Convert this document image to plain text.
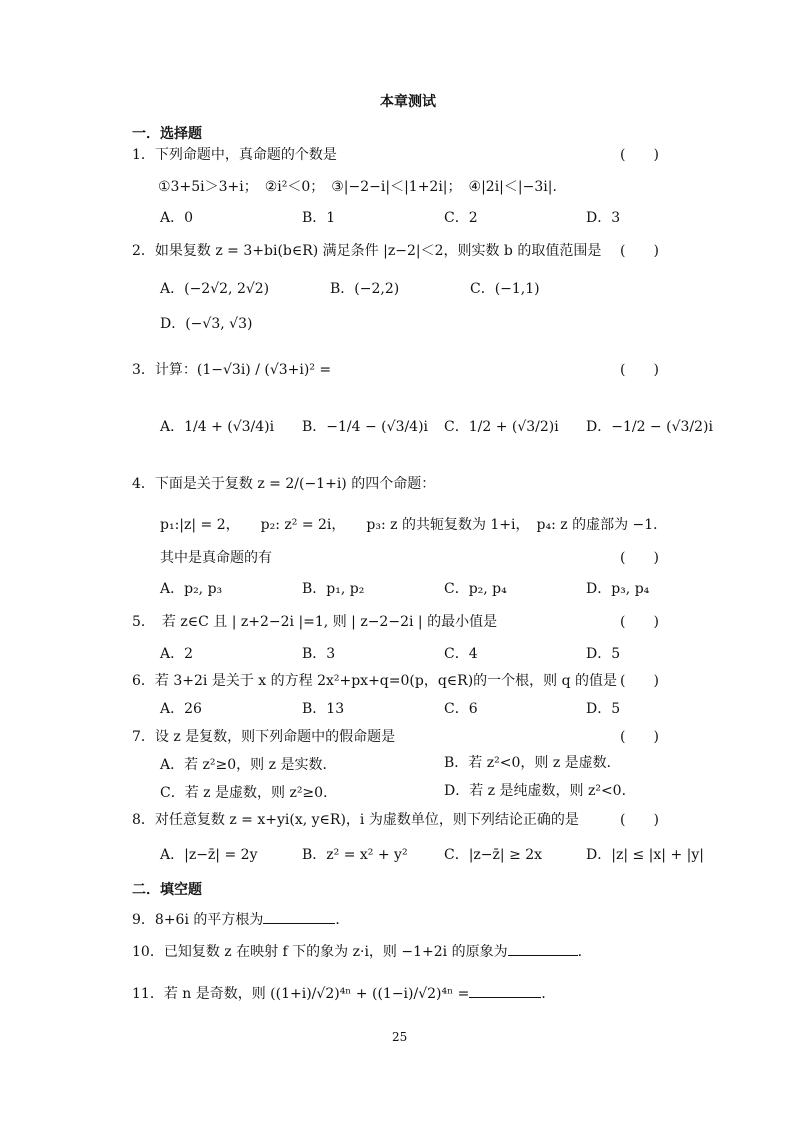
本章测试
一．选择题
1．下列命题中，真命题的个数是	(　　)
①3+5i＞3+i；　②i²＜0；　③|−2−i|＜|1+2i|；　④|2i|＜|−3i|．
A．0	B．1	C．2	D．3
2．如果复数 z = 3+bi(b∈R) 满足条件 |z−2|＜2，则实数 b 的取值范围是 (　　)
A．(−2√2, 2√2)	B．(−2,2)	C．(−1,1)
D．(−√3, √3)
3．计算：(1−√3i) / (√3+i)² =	(　　)
A．1/4 + (√3/4)i B．−1/4 − (√3/4)i C．1/2 + (√3/2)i D．−1/2 − (√3/2)i
4．下面是关于复数 z = 2/(−1+i) 的四个命题：
p₁:|z| = 2，　　p₂: z² = 2i，　　p₃: z 的共轭复数为 1+i，　p₄: z 的虚部为 −1．
其中是真命题的有	(　　)
A．p₂, p₃	B．p₁, p₂	C．p₂, p₄	D．p₃, p₄
5．　若 z∈C 且 | z+2−2i |=1, 则 | z−2−2i | 的最小值是	(　　)
A．2	B．3	C．4	D．5
6．若 3+2i 是关于 x 的方程 2x²+px+q=0(p，q∈R)的一个根，则 q 的值是 (　　)
A．26	B．13	C．6	D．5
7．设 z 是复数，则下列命题中的假命题是	(　　)
A．若 z²≥0，则 z 是实数．	B．若 z²<0，则 z 是虚数．
C．若 z 是虚数，则 z²≥0．	D．若 z 是纯虚数，则 z²<0．
8．对任意复数 z = x+yi(x, y∈R)，i 为虚数单位，则下列结论正确的是	(　　)
A．|z−z̄| = 2y	B．z² = x² + y²	C．|z−z̄| ≥ 2x	D．|z| ≤ |x| + |y|
二．填空题
9．8+6i 的平方根为	．
10．已知复数 z 在映射 f 下的象为 z·i，则 −1+2i 的原象为	．
11．若 n 是奇数，则 ((1+i)/√2)⁴ⁿ + ((1−i)/√2)⁴ⁿ =	．
25
